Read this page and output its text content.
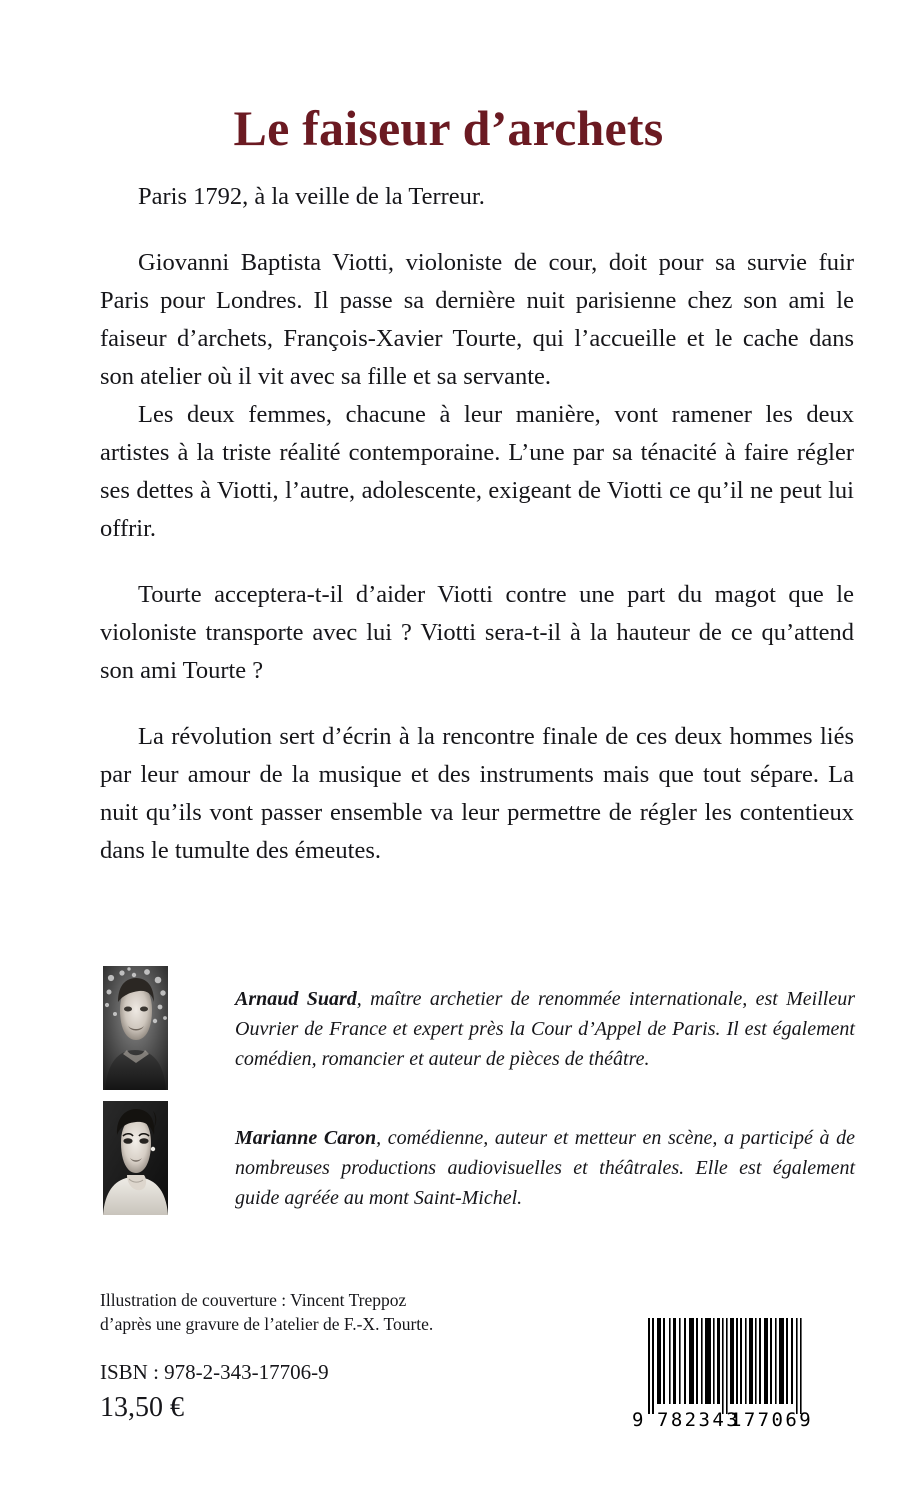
Le faiseur d’archets

Paris 1792, à la veille de la Terreur.

Giovanni Baptista Viotti, violoniste de cour, doit pour sa survie fuir Paris pour Londres. Il passe sa dernière nuit parisienne chez son ami le faiseur d’archets, François-Xavier Tourte, qui l’accueille et le cache dans son atelier où il vit avec sa fille et sa servante.

Les deux femmes, chacune à leur manière, vont ramener les deux artistes à la triste réalité contemporaine. L’une par sa ténacité à faire régler ses dettes à Viotti, l’autre, adolescente, exigeant de Viotti ce qu’il ne peut lui offrir.

Tourte acceptera-t-il d’aider Viotti contre une part du magot que le violoniste transporte avec lui ? Viotti sera-t-il à la hauteur de ce qu’attend son ami Tourte ?

La révolution sert d’écrin à la rencontre finale de ces deux hommes liés par leur amour de la musique et des instruments mais que tout sépare. La nuit qu’ils vont passer ensemble va leur permettre de régler les contentieux dans le tumulte des émeutes.

Arnaud Suard, maître archetier de renommée internationale, est Meilleur Ouvrier de France et expert près la Cour d’Appel de Paris. Il est également comédien, romancier et auteur de pièces de théâtre.
Marianne Caron, comédienne, auteur et metteur en scène, a participé à de nombreuses productions audiovisuelles et théâtrales. Elle est également guide agréée au mont Saint-Michel.
Illustration de couverture : Vincent Treppoz
d’après une gravure de l’atelier de F.-X. Tourte.
ISBN : 978-2-343-17706-9
13,50 €	9 782343
177069
